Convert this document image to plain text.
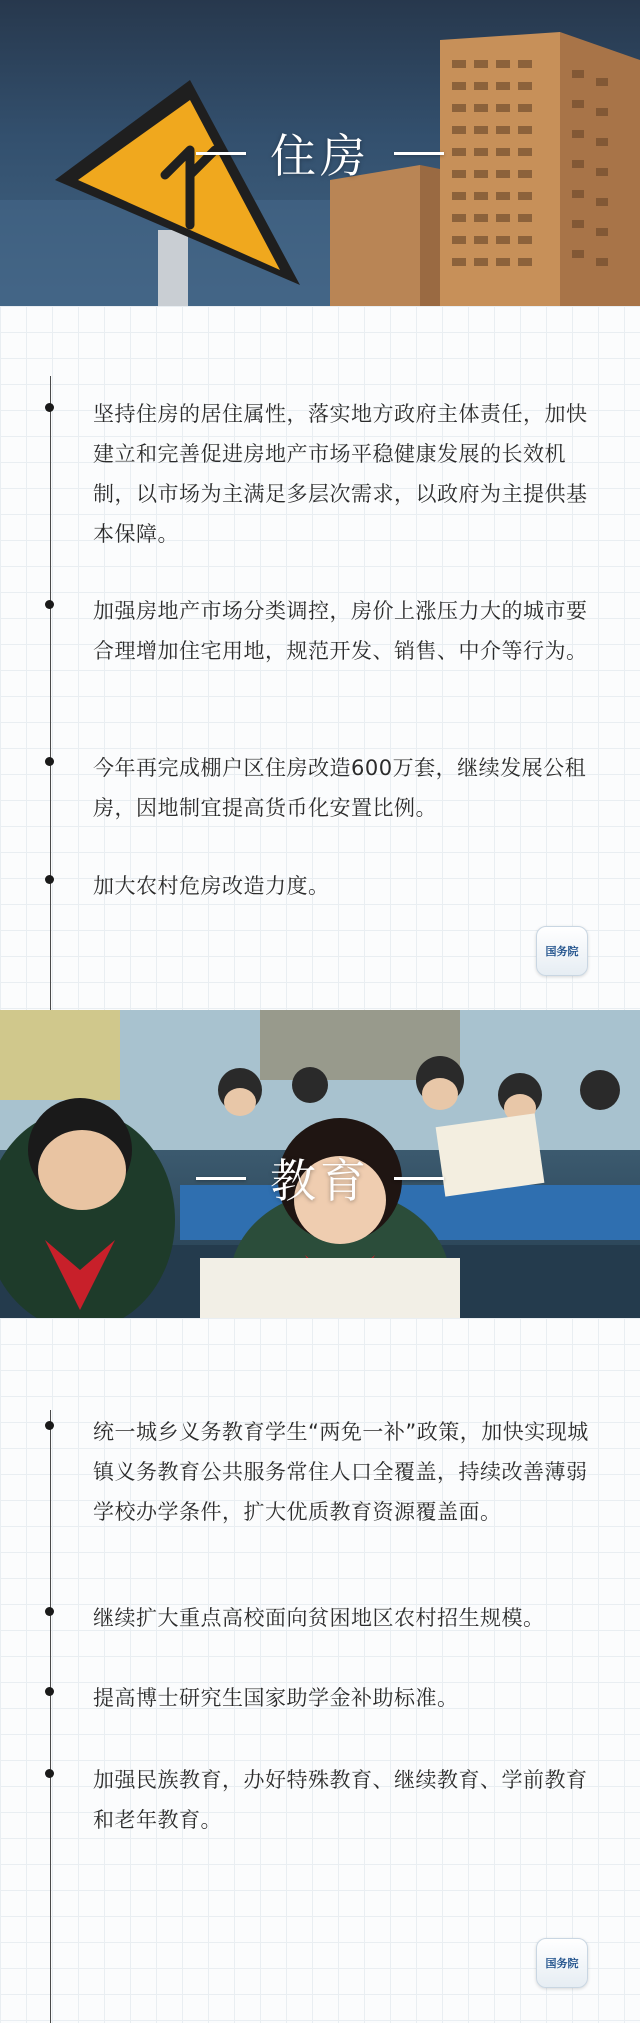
住房

坚持住房的居住属性，落实地方政府主体责任，加快建立和完善促进房地产市场平稳健康发展的长效机制，以市场为主满足多层次需求，以政府为主提供基本保障。

加强房地产市场分类调控，房价上涨压力大的城市要合理增加住宅用地，规范开发、销售、中介等行为。

今年再完成棚户区住房改造600万套，继续发展公租房，因地制宜提高货币化安置比例。

加大农村危房改造力度。

国务院
教育

统一城乡义务教育学生“两免一补”政策，加快实现城镇义务教育公共服务常住人口全覆盖，持续改善薄弱学校办学条件，扩大优质教育资源覆盖面。

继续扩大重点高校面向贫困地区农村招生规模。

提高博士研究生国家助学金补助标准。

加强民族教育，办好特殊教育、继续教育、学前教育和老年教育。

国务院
